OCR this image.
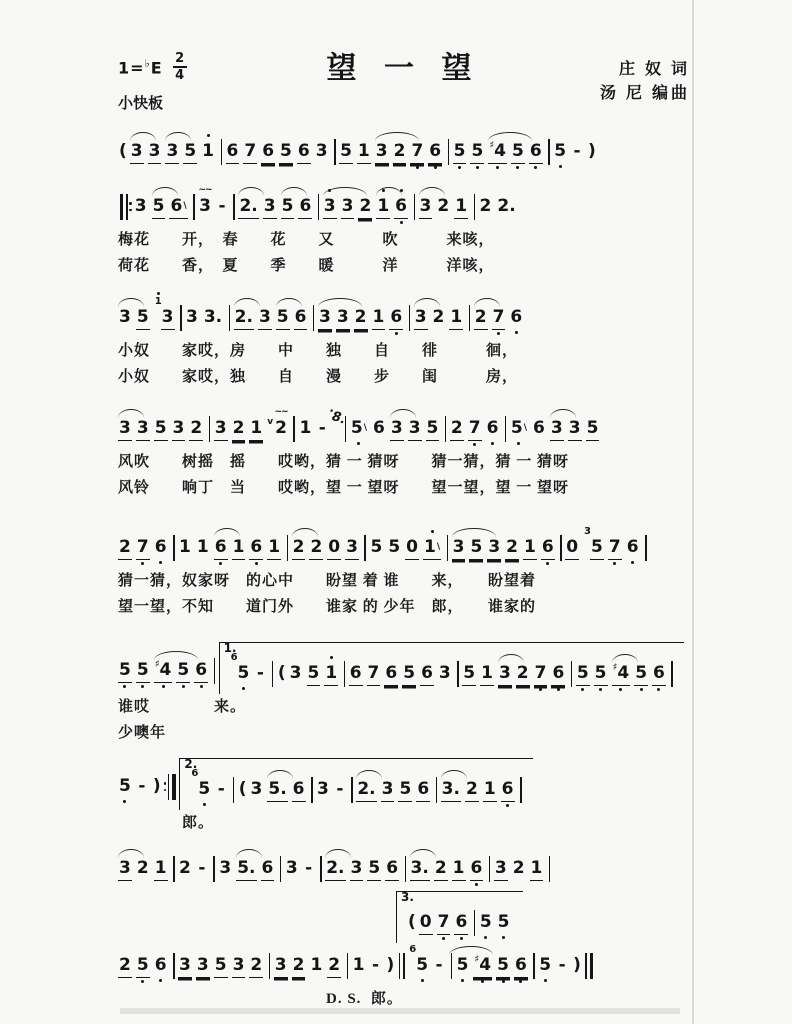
$1=^♭E \frac{2}{4}$
小快板
望 一 望	庄 奴 词
汤 尼 编曲
( 3 3 3 5 1 6 7 6 5 6 3 5 1 3 2 7 6 5 5 ♯4 5 6 5 - )
3 5 6\
~~
3 - 2. 3 5 6 3 3 2 1 6 3 2 1 2 2.
梅花　　开，　春　　花　　又　　　吹　　　来咳，
荷花　　香，　夏　　季　　暖　　　洋　　　洋咳，
3 5
1
3 3 3. 2. 3 5 6 3 3 2 1 6 3 2 1 2 7 6
小奴　　家哎，房　　中　　独　　自　　徘　　　徊，
小奴　　家哎，独　　自　　漫　　步　　闺　　　房，
3 3 5 3 2 3 2 1 v
~~
2 1 -
· 8 ·
5\ 6 3 3 5 2 7 6 5\ 6 3 3 5
风吹　　树摇　摇　　哎哟，猜 一 猜呀　　猜一猜，猜 一 猜呀
风铃　　响丁　当　　哎哟，望 一 望呀　　望一望，望 一 望呀
2 7 6 1 1 6 1 6 1 2 2 0 3 5 5 0 1\ 3 5 3 2 1 6 0
3
5 7 6
猜一猜，奴家呀　的心中　　盼望 着 谁　　来，　　盼望着
望一望，不知　　道门外　　谁家 的 少年　郎，　　谁家的
5 5 ♯4 5 6
1.
6
5 - ( 3 5 1 6 7 6 5 6 3 5 1 3 2 7 6 5 5 ♯4 5 6
谁哎　　　　来。
少噢年
5 - )
2.
6
5 - ( 3 5. 6 3 - 2. 3 5 6 3. 2 1 6
　　　　郎。
3 2 1 2 - 3 5. 6 3 - 2. 3 5 6 3. 2 1 6 3 2 1
3.
( 0 7 6 5 5
2 5 6 3 3 5 3 2 3 2 1 2 1 - )
6
5 - 5 ♯4 5 6 5 - )
　　　　　　　　　　　　　D. S.  郎。
